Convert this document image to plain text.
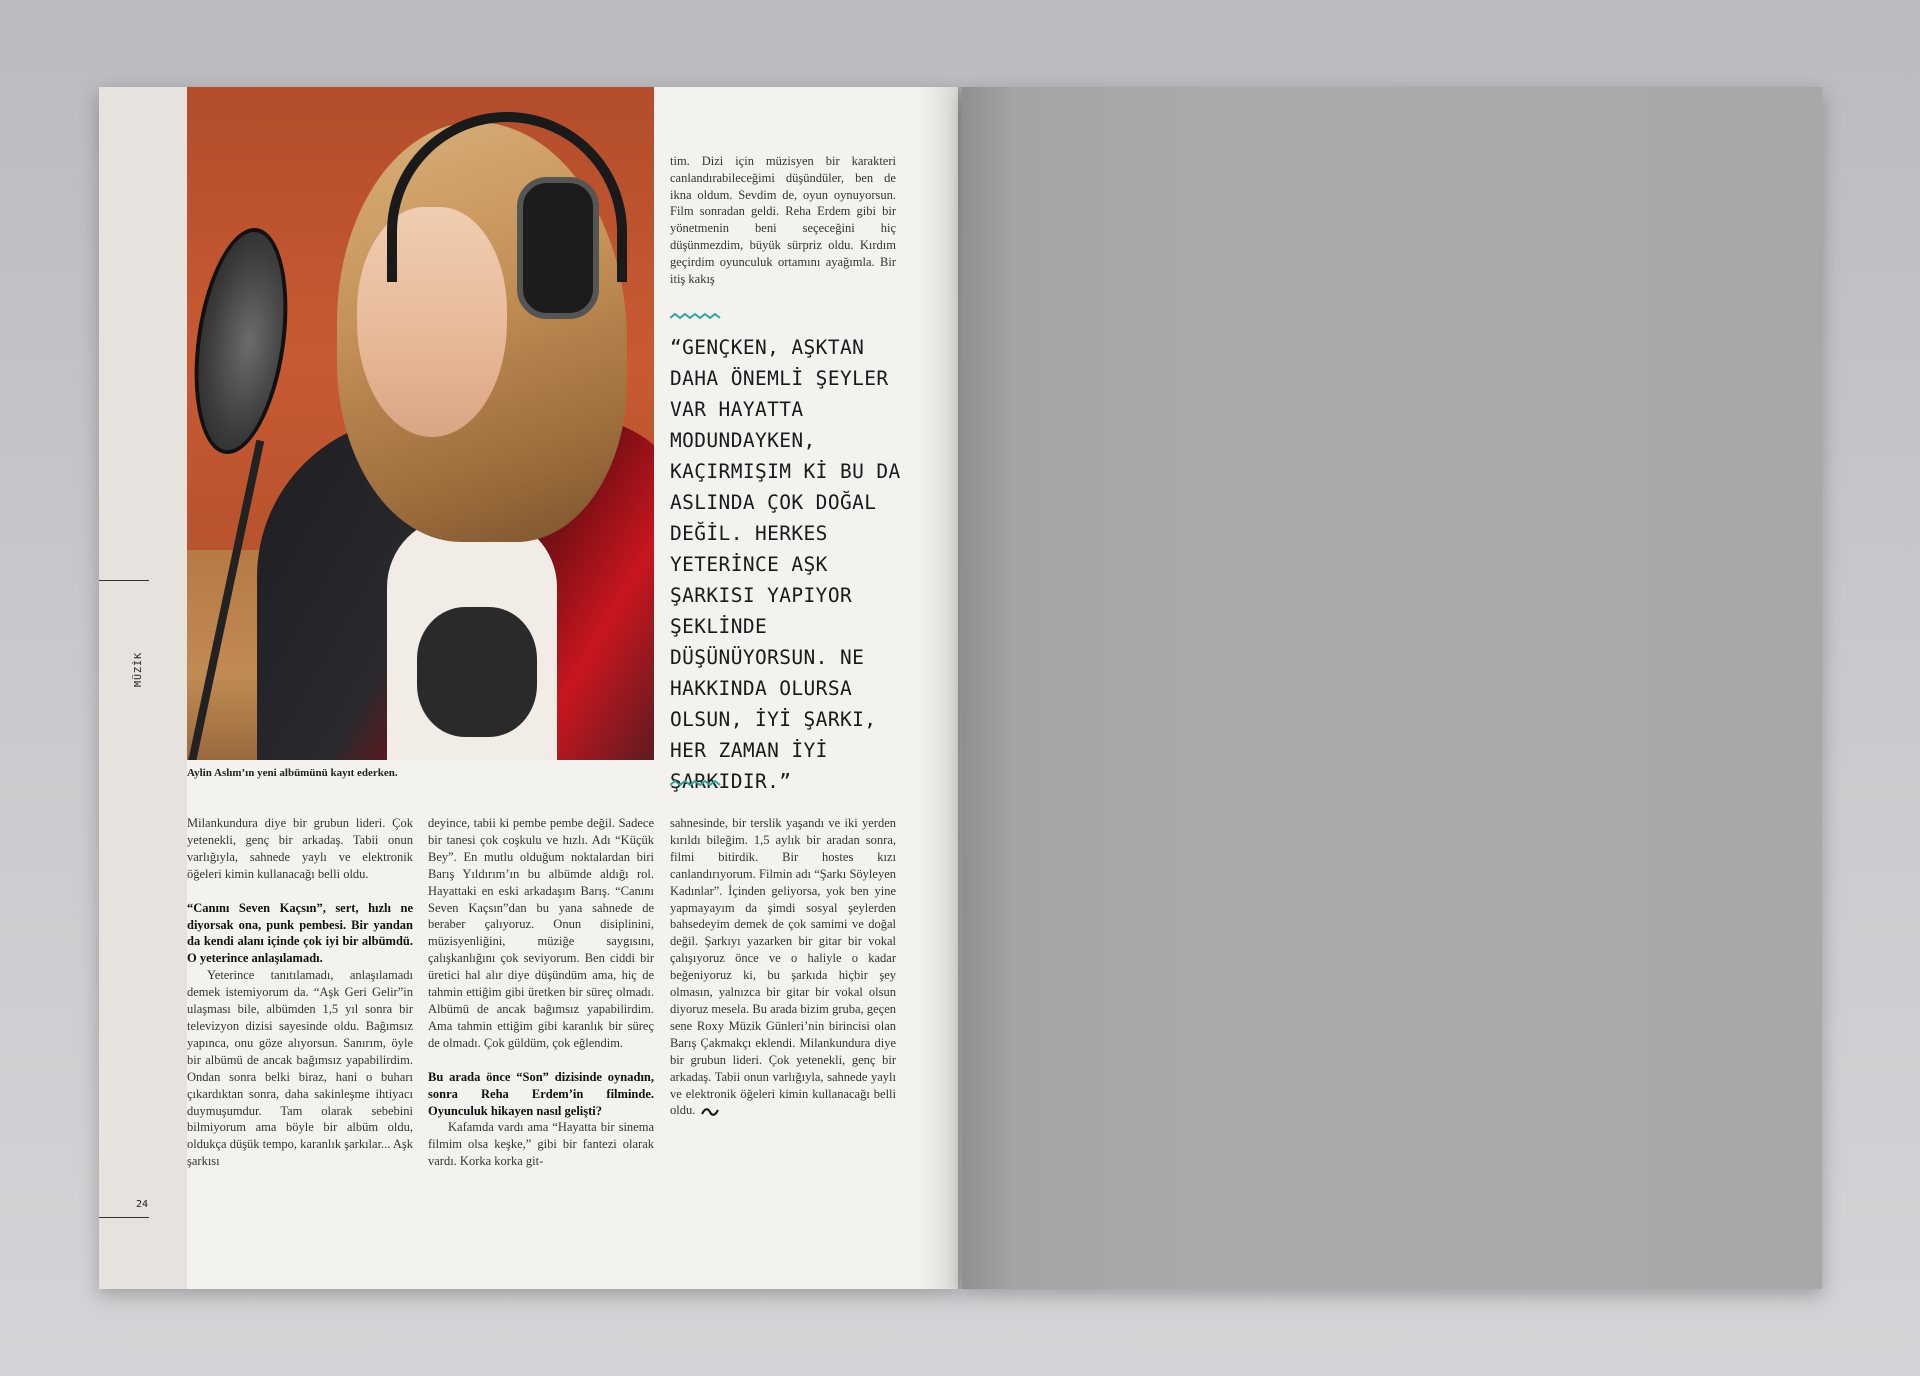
MÜZİK
24
Aylin Aslım’ın yeni albümünü kayıt ederken.
tim. Dizi için müzisyen bir karakteri canlandırabileceğimi düşündüler, ben de ikna oldum. Sevdim de, oyun oynuyorsun. Film sonradan geldi. Reha Erdem gibi bir yönetmenin beni seçeceğini hiç düşünmezdim, büyük sürpriz oldu. Kırdım geçirdim oyunculuk ortamını ayağımla. Bir itiş kakış
“GENÇKEN, AŞKTAN DAHA ÖNEMLİ ŞEYLER VAR HAYATTA MODUNDAYKEN, KAÇIRMIŞIM Kİ BU DA ASLINDA ÇOK DOĞAL DEĞİL. HERKES YETERİNCE AŞK ŞARKISI YAPIYOR ŞEKLİNDE DÜŞÜNÜYORSUN. NE HAKKINDA OLURSA OLSUN, İYİ ŞARKI, HER ZAMAN İYİ ŞARKIDIR.”

Milankundura diye bir grubun lideri. Çok yetenekli, genç bir arkadaş. Tabii onun varlığıyla, sahnede yaylı ve elektronik öğeleri kimin kullanacağı belli oldu.

“Canını Seven Kaçsın”, sert, hızlı ne diyorsak ona, punk pembesi. Bir yandan da kendi alanı içinde çok iyi bir albümdü. O yeterince anlaşılamadı.

Yeterince tanıtılamadı, anlaşılamadı demek istemiyorum da. “Aşk Geri Gelir”in ulaşması bile, albümden 1,5 yıl sonra bir televizyon dizisi sayesinde oldu. Bağımsız yapınca, onu göze alıyorsun. Sanırım, öyle bir albümü de ancak bağımsız yapabilirdim. Ondan sonra belki biraz, hani o buharı çıkardıktan sonra, daha sakinleşme ihtiyacı duymuşumdur. Tam olarak sebebini bilmiyorum ama böyle bir albüm oldu, oldukça düşük tempo, karanlık şarkılar... Aşk şarkısı

deyince, tabii ki pembe pembe değil. Sadece bir tanesi çok coşkulu ve hızlı. Adı “Küçük Bey”. En mutlu olduğum noktalardan biri Barış Yıldırım’ın bu albümde aldığı rol. Hayattaki en eski arkadaşım Barış. “Canını Seven Kaçsın”dan bu yana sahnede de beraber çalıyoruz. Onun disiplinini, müzisyenliğini, müziğe saygısını, çalışkanlığını çok seviyorum. Ben ciddi bir üretici hal alır diye düşündüm ama, hiç de tahmin ettiğim gibi üretken bir süreç olmadı. Albümü de ancak bağımsız yapabilirdim. Ama tahmin ettiğim gibi karanlık bir süreç de olmadı. Çok güldüm, çok eğlendim.

Bu arada önce “Son” dizisinde oynadın, sonra Reha Erdem’in filminde. Oyunculuk hikayen nasıl gelişti?

Kafamda vardı ama “Hayatta bir sinema filmim olsa keşke,” gibi bir fantezi olarak vardı. Korka korka git-

sahnesinde, bir terslik yaşandı ve iki yerden kırıldı bileğim. 1,5 aylık bir aradan sonra, filmi bitirdik. Bir hostes kızı canlandırıyorum. Filmin adı “Şarkı Söyleyen Kadınlar”. İçinden geliyorsa, yok ben yine yapmayayım da şimdi sosyal şeylerden bahsedeyim demek de çok samimi ve doğal değil. Şarkıyı yazarken bir gitar bir vokal çalışıyoruz önce ve o haliyle o kadar beğeniyoruz ki, bu şarkıda hiçbir şey olmasın, yalnızca bir gitar bir vokal olsun diyoruz mesela. Bu arada bizim gruba, geçen sene Roxy Müzik Günleri’nin birincisi olan Barış Çakmakçı eklendi. Milankundura diye bir grubun lideri. Çok yetenekli, genç bir arkadaş. Tabii onun varlığıyla, sahnede yaylı ve elektronik öğeleri kimin kullanacağı belli oldu.
